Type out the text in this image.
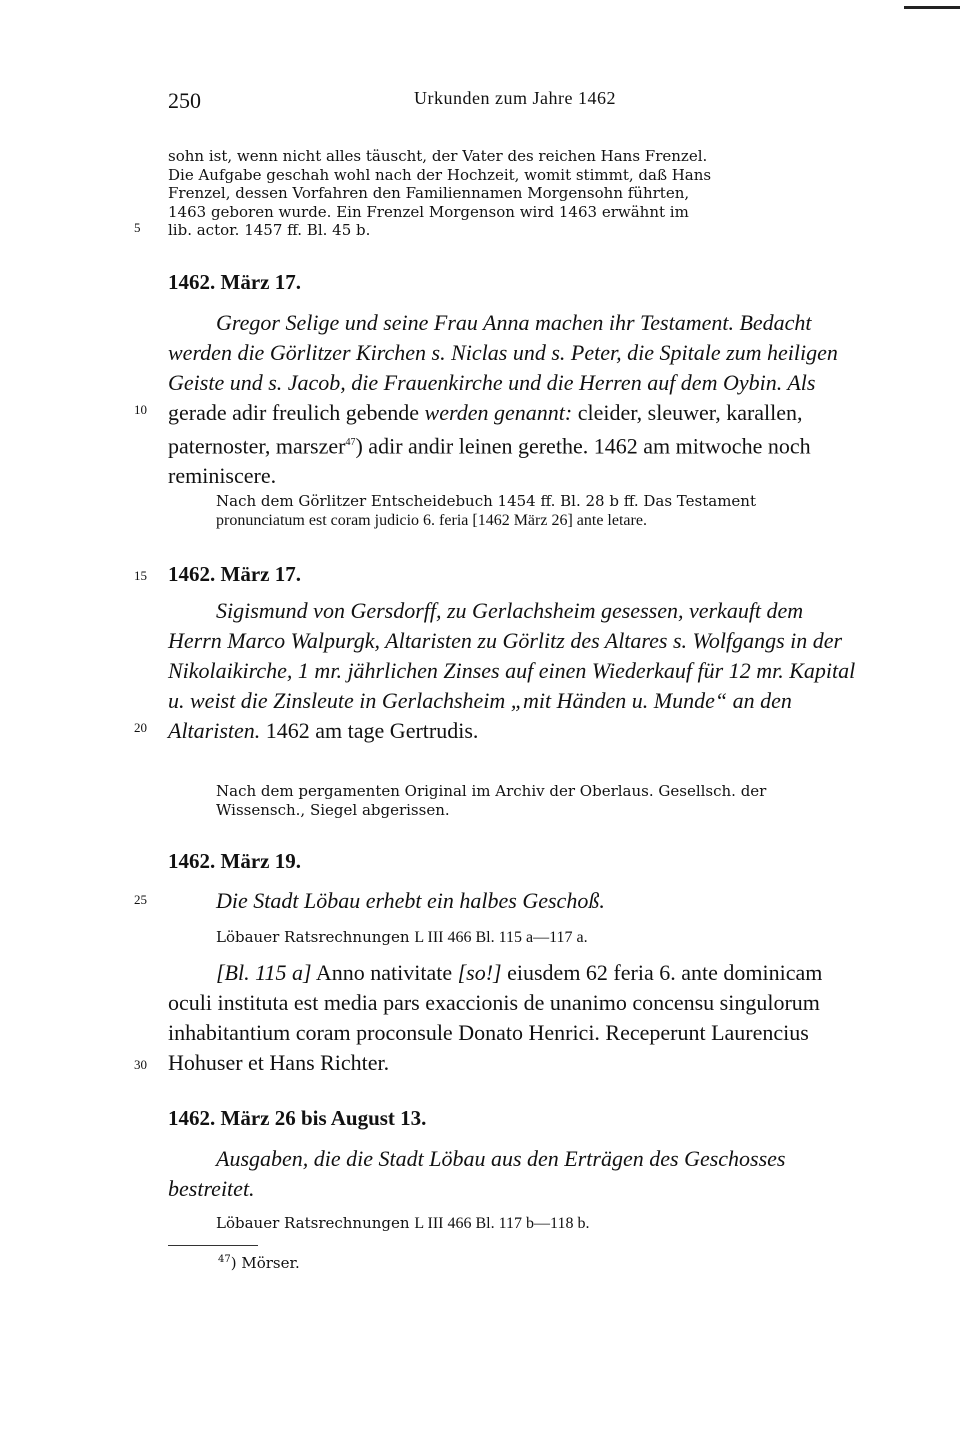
250	Urkunden zum Jahre 1462
sohn ist, wenn nicht alles täuscht, der Vater des reichen Hans Frenzel.
Die Aufgabe geschah wohl nach der Hochzeit, womit stimmt, daß Hans
Frenzel, dessen Vorfahren den Familiennamen Morgensohn führten,
1463 geboren wurde. Ein Frenzel Morgenson wird 1463 erwähnt im
lib. actor. 1457 ff. Bl. 45 b.
1462. März 17.

Gregor Selige und seine Frau Anna machen ihr Testament. Bedacht werden die Görlitzer Kirchen s. Niclas und s. Peter, die Spitale zum heiligen Geiste und s. Jacob, die Frauenkirche und die Herren auf dem Oybin. Als gerade adir freulich gebende werden genannt: cleider, sleuwer, karallen, paternoster, marszer$^{47}$) adir andir leinen gerethe. 1462 am mitwoche noch reminiscere.

Nach dem Görlitzer Entscheidebuch 1454 ff. Bl. 28 b ff. Das Testament
pronunciatum est coram judicio 6. feria [1462 März 26] ante letare.
1462. März 17.

Sigismund von Gersdorff, zu Gerlachsheim gesessen, verkauft dem Herrn Marco Walpurgk, Altaristen zu Görlitz des Altares s. Wolfgangs in der Nikolaikirche, 1 mr. jährlichen Zinses auf einen Wiederkauf für 12 mr. Kapital u. weist die Zinsleute in Gerlachsheim „mit Händen u. Munde“ an den Altaristen. 1462 am tage Gertrudis.

Nach dem pergamenten Original im Archiv der Oberlaus. Gesellsch. der
Wissensch., Siegel abgerissen.
1462. März 19.

Die Stadt Löbau erhebt ein halbes Geschoß.

Löbauer Ratsrechnungen L III 466 Bl. 115 a—117 a.

[Bl. 115 a] Anno nativitate [so!] eiusdem 62 feria 6. ante dominicam oculi instituta est media pars exaccionis de unanimo concensu singulorum inhabitantium coram proconsule Donato Henrici. Receperunt Laurencius Hohuser et Hans Richter.

1462. März 26 bis August 13.

Ausgaben, die die Stadt Löbau aus den Erträgen des Geschosses bestreitet.

Löbauer Ratsrechnungen L III 466 Bl. 117 b—118 b.
$^{47}$) Mörser.
5
10
15
20
25
30
